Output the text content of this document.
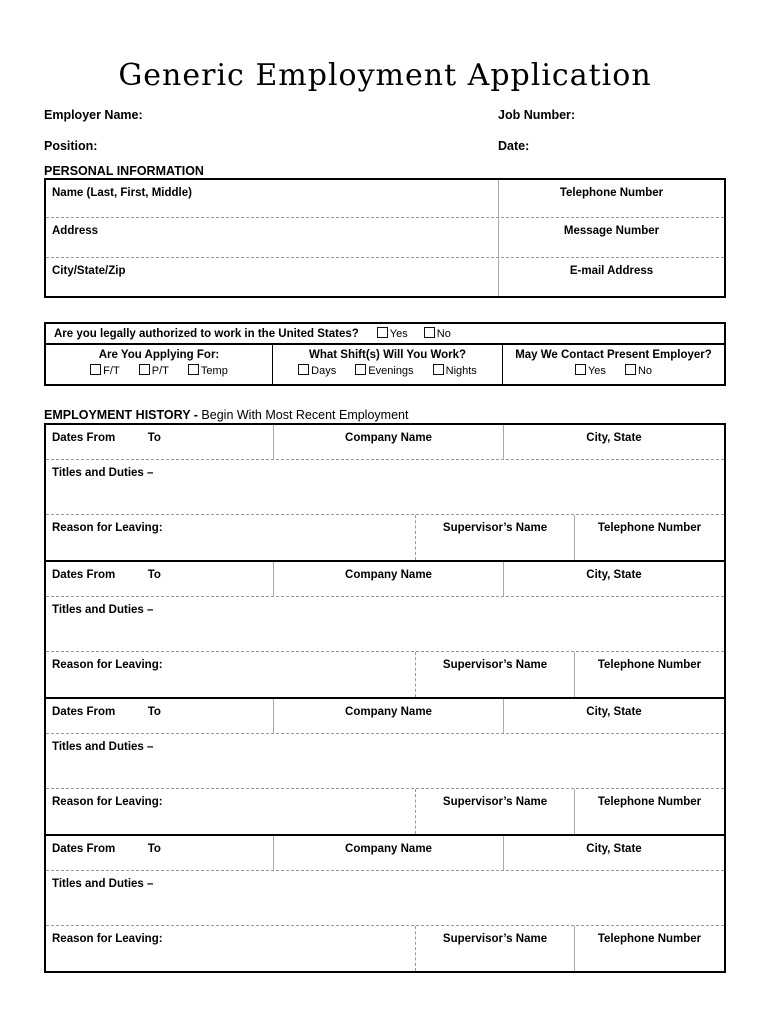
Generic Employment Application
Employer Name:	Job Number:
Position:	Date:
PERSONAL INFORMATION
Name (Last, First, Middle)	Telephone Number
Address	Message Number
City/State/Zip	E-mail Address
Are you legally authorized to work in the United States?	Yes	No
Are You Applying For:
F/T	P/T	Temp
What Shift(s) Will You Work?
Days	Evenings	Nights
May We Contact Present Employer?
Yes	No
EMPLOYMENT HISTORY - Begin With Most Recent Employment
Dates From	To	Company Name	City, State
Titles and Duties –
Reason for Leaving:	Supervisor’s Name	Telephone Number
Dates From	To	Company Name	City, State
Titles and Duties –
Reason for Leaving:	Supervisor’s Name	Telephone Number
Dates From	To	Company Name	City, State
Titles and Duties –
Reason for Leaving:	Supervisor’s Name	Telephone Number
Dates From	To	Company Name	City, State
Titles and Duties –
Reason for Leaving:	Supervisor’s Name	Telephone Number
